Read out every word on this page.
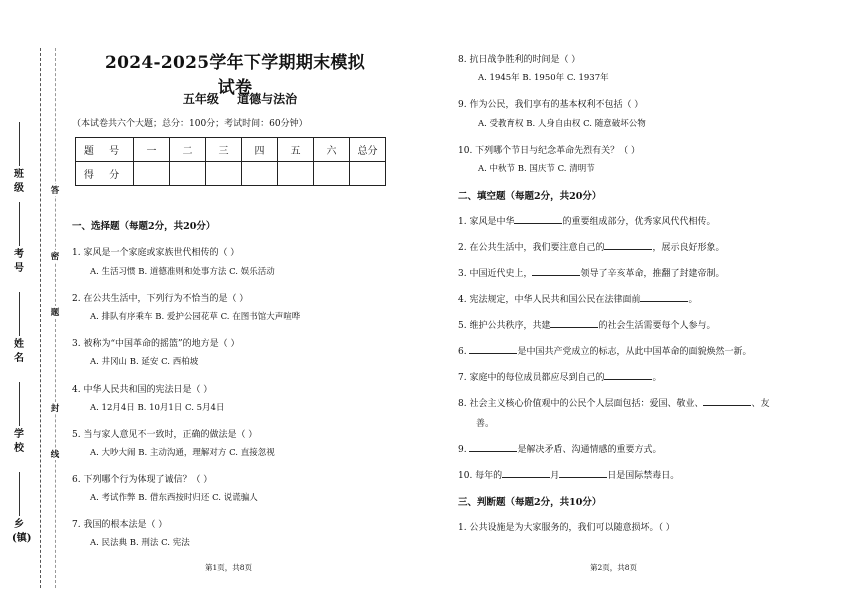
班级
考号
姓名
学校
乡(镇)
答
密
题
封
线
2024-2025学年下学期期末模拟试卷
五年级 道德与法治
（本试卷共六个大题；总分：100分；考试时间：60分钟）
题 号	一	二	三	四	五	六	总分
得 分							
一、选择题（每题2分，共20分）
1. 家风是一个家庭或家族世代相传的（ ）
A. 生活习惯 B. 道德准则和处事方法 C. 娱乐活动
2. 在公共生活中，下列行为不恰当的是（ ）
A. 排队有序乘车 B. 爱护公园花草 C. 在图书馆大声喧哗
3. 被称为“中国革命的摇篮”的地方是（ ）
A. 井冈山 B. 延安 C. 西柏坡
4. 中华人民共和国的宪法日是（ ）
A. 12月4日 B. 10月1日 C. 5月4日
5. 当与家人意见不一致时，正确的做法是（ ）
A. 大吵大闹 B. 主动沟通，理解对方 C. 直接忽视
6. 下列哪个行为体现了诚信？（ ）
A. 考试作弊 B. 借东西按时归还 C. 说谎骗人
7. 我国的根本法是（ ）
A. 民法典 B. 刑法 C. 宪法
第1页，共8页
8. 抗日战争胜利的时间是（ ）
A. 1945年 B. 1950年 C. 1937年
9. 作为公民，我们享有的基本权利不包括（ ）
A. 受教育权 B. 人身自由权 C. 随意破坏公物
10. 下列哪个节日与纪念革命先烈有关？（ ）
A. 中秋节 B. 国庆节 C. 清明节
二、填空题（每题2分，共20分）
1. 家风是中华	的重要组成部分，优秀家风代代相传。
2. 在公共生活中，我们要注意自己的	，展示良好形象。
3. 中国近代史上，	领导了辛亥革命，推翻了封建帝制。
4. 宪法规定，中华人民共和国公民在法律面前	。
5. 维护公共秩序，共建	的社会生活需要每个人参与。
6.	是中国共产党成立的标志，从此中国革命的面貌焕然一新。
7. 家庭中的每位成员都应尽到自己的	。
8. 社会主义核心价值观中的公民个人层面包括：爱国、敬业、	、友
善。
9.	是解决矛盾、沟通情感的重要方式。
10. 每年的	月	日是国际禁毒日。
三、判断题（每题2分，共10分）
1. 公共设施是为大家服务的，我们可以随意损坏。（ ）
第2页，共8页
